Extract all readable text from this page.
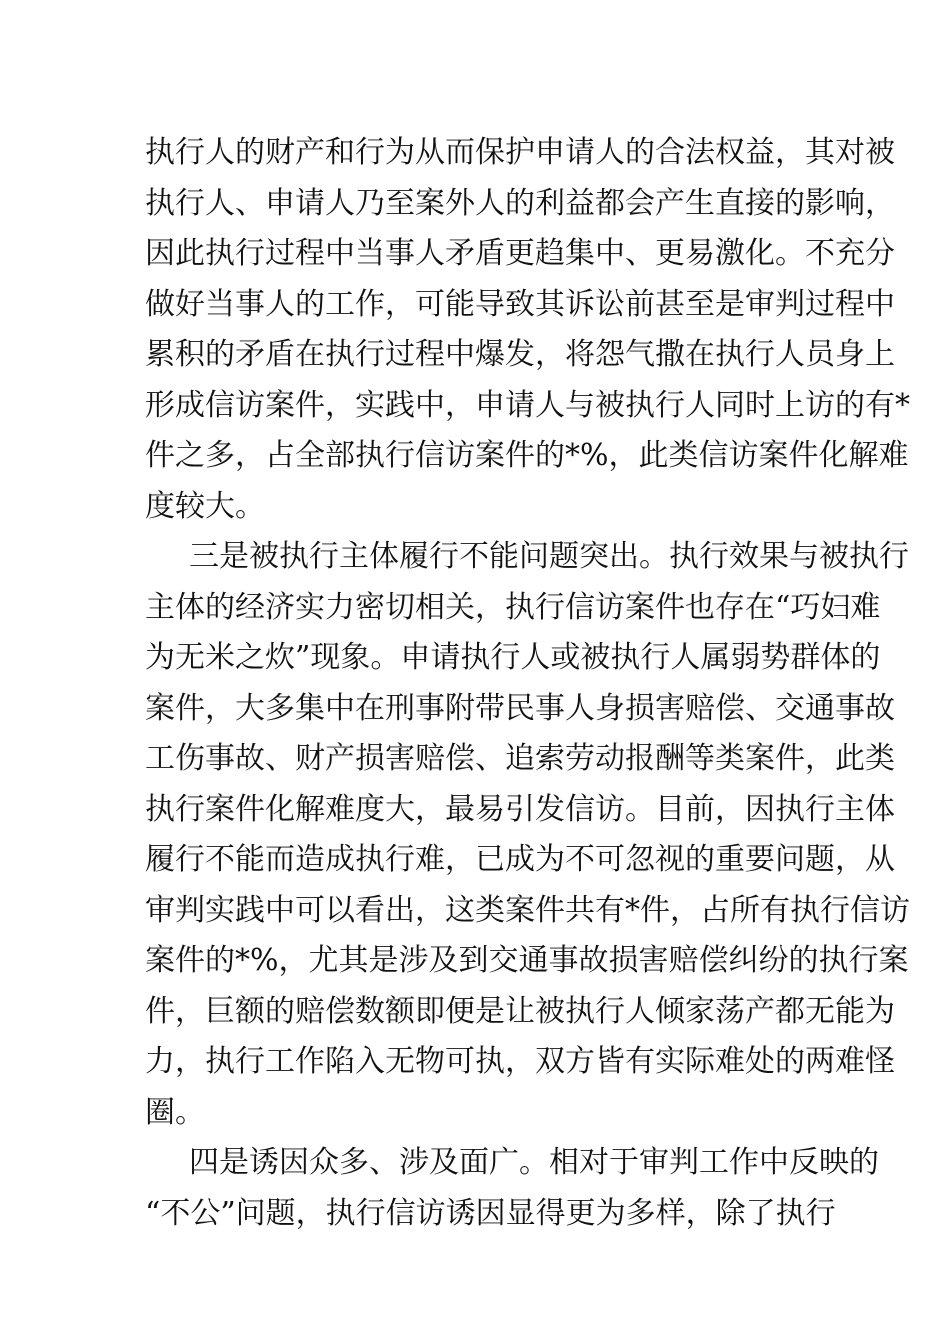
执行人的财产和行为从而保护申请人的合法权益，其对被
执行人、申请人乃至案外人的利益都会产生直接的影响，
因此执行过程中当事人矛盾更趋集中、更易激化。不充分
做好当事人的工作，可能导致其诉讼前甚至是审判过程中
累积的矛盾在执行过程中爆发，将怨气撒在执行人员身上
形成信访案件，实践中，申请人与被执行人同时上访的有*
件之多，占全部执行信访案件的*%，此类信访案件化解难
度较大。
三是被执行主体履行不能问题突出。执行效果与被执行
主体的经济实力密切相关，执行信访案件也存在“巧妇难
为无米之炊”现象。申请执行人或被执行人属弱势群体的
案件，大多集中在刑事附带民事人身损害赔偿、交通事故
工伤事故、财产损害赔偿、追索劳动报酬等类案件，此类
执行案件化解难度大，最易引发信访。目前，因执行主体
履行不能而造成执行难，已成为不可忽视的重要问题，从
审判实践中可以看出，这类案件共有*件，占所有执行信访
案件的*%，尤其是涉及到交通事故损害赔偿纠纷的执行案
件，巨额的赔偿数额即便是让被执行人倾家荡产都无能为
力，执行工作陷入无物可执，双方皆有实际难处的两难怪
圈。
四是诱因众多、涉及面广。相对于审判工作中反映的
“不公”问题，执行信访诱因显得更为多样，除了执行
